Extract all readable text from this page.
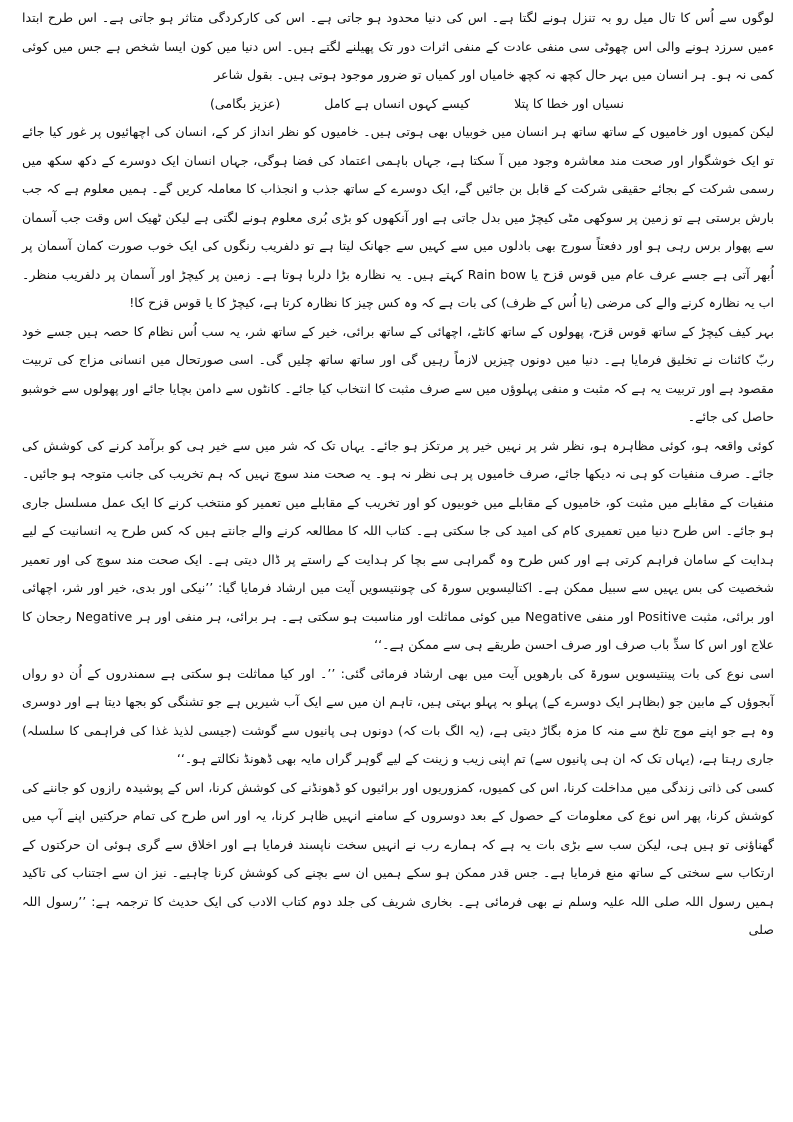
لوگوں سے اُس کا تال میل رو بہ تنزل ہونے لگتا ہے۔ اس کی دنیا محدود ہو جاتی ہے۔ اس کی کارکردگی متاثر ہو جاتی ہے۔ اس طرح ابتدا ءمیں سرزد ہونے والی اس چھوٹی سی منفی عادت کے منفی اثرات دور تک پھیلنے لگتے ہیں۔ اس دنیا میں کون ایسا شخص ہے جس میں کوئی کمی نہ ہو۔ ہر انسان میں بہر حال کچھ نہ کچھ خامیاں اور کمیاں تو ضرور موجود ہوتی ہیں۔ بقول شاعر

نسیاں اور خطا کا پتلا کیسے کہوں انساں ہے کامل (عزیز بگامی)

لیکن کمیوں اور خامیوں کے ساتھ ساتھ ہر انسان میں خوبیاں بھی ہوتی ہیں۔ خامیوں کو نظر انداز کر کے، انسان کی اچھائیوں پر غور کیا جائے تو ایک خوشگوار اور صحت مند معاشرہ وجود میں آ سکتا ہے، جہاں باہمی اعتماد کی فضا ہوگی، جہاں انسان ایک دوسرے کے دکھ سکھ میں رسمی شرکت کے بجائے حقیقی شرکت کے قابل بن جائیں گے، ایک دوسرے کے ساتھ جذب و انجذاب کا معاملہ کریں گے۔ ہمیں معلوم ہے کہ جب بارش برستی ہے تو زمین پر سوکھی مٹی کیچڑ میں بدل جاتی ہے اور آنکھوں کو بڑی بُری معلوم ہونے لگتی ہے لیکن ٹھیک اس وقت جب آسمان سے پھوار برس رہی ہو اور دفعتاً سورج بھی بادلوں میں سے کہیں سے جھانک لیتا ہے تو دلفریب رنگوں کی ایک خوب صورت کمان آسمان پر اُبھر آتی ہے جسے عرف عام میں قوس قزح یا Rain bow کہتے ہیں۔ یہ نظارہ بڑا دلربا ہوتا ہے۔ زمین پر کیچڑ اور آسمان پر دلفریب منظر۔ اب یہ نظارہ کرنے والے کی مرضی (یا اُس کے ظرف) کی بات ہے کہ وہ کس چیز کا نظارہ کرتا ہے، کیچڑ کا یا قوس قزح کا!

بہر کیف کیچڑ کے ساتھ قوس قزح، پھولوں کے ساتھ کانٹے، اچھائی کے ساتھ برائی، خیر کے ساتھ شر، یہ سب اُس نظام کا حصہ ہیں جسے خود ربّ کائنات نے تخلیق فرمایا ہے۔ دنیا میں دونوں چیزیں لازماً رہیں گی اور ساتھ ساتھ چلیں گی۔ اسی صورتحال میں انسانی مزاج کی تربیت مقصود ہے اور تربیت یہ ہے کہ مثبت و منفی پہلوؤں میں سے صرف مثبت کا انتخاب کیا جائے۔ کانٹوں سے دامن بچایا جائے اور پھولوں سے خوشبو حاصل کی جائے۔

کوئی واقعہ ہو، کوئی مظاہرہ ہو، نظر شر پر نہیں خیر پر مرتکز ہو جائے۔ یہاں تک کہ شر میں سے خیر ہی کو برآمد کرنے کی کوشش کی جائے۔ صرف منفیات کو ہی نہ دیکھا جائے، صرف خامیوں پر ہی نظر نہ ہو۔ یہ صحت مند سوچ نہیں کہ ہم تخریب کی جانب متوجہ ہو جائیں۔ منفیات کے مقابلے میں مثبت کو، خامیوں کے مقابلے میں خوبیوں کو اور تخریب کے مقابلے میں تعمیر کو منتخب کرنے کا ایک عمل مسلسل جاری ہو جائے۔ اس طرح دنیا میں تعمیری کام کی امید کی جا سکتی ہے۔ کتاب اللہ کا مطالعہ کرنے والے جانتے ہیں کہ کس طرح یہ انسانیت کے لیے ہدایت کے سامان فراہم کرتی ہے اور کس طرح وہ گمراہی سے بچا کر ہدایت کے راستے پر ڈال دیتی ہے۔ ایک صحت مند سوچ کی اور تعمیر شخصیت کی بس یہیں سے سبیل ممکن ہے۔ اکتالیسویں سورۃ کی چونتیسویں آیت میں ارشاد فرمایا گیا: ’’نیکی اور بدی، خیر اور شر، اچھائی اور برائی، مثبت Positive اور منفی Negative میں کوئی مماثلت اور مناسبت ہو سکتی ہے۔ ہر برائی، ہر منفی اور ہر Negative رجحان کا علاج اور اس کا سدِّ باب صرف اور صرف احسن طریقے ہی سے ممکن ہے۔‘‘

اسی نوع کی بات پینتیسویں سورۃ کی بارھویں آیت میں بھی ارشاد فرمائی گئی: ’’۔ اور کیا مماثلت ہو سکتی ہے سمندروں کے اُن دو رواں آبجوؤں کے مابین جو (بظاہر ایک دوسرے کے) پہلو بہ پہلو بہتی ہیں، تاہم ان میں سے ایک آب شیریں ہے جو تشنگی کو بجھا دیتا ہے اور دوسری وہ ہے جو اپنے موج تلخ سے منہ کا مزہ بگاڑ دیتی ہے، (یہ الگ بات کہ) دونوں ہی پانیوں سے گوشت (جیسی لذیذ غذا کی فراہمی کا سلسلہ) جاری رہتا ہے، (یہاں تک کہ ان ہی پانیوں سے) تم اپنی زیب و زینت کے لیے گوہر گراں مایہ بھی ڈھونڈ نکالتے ہو۔‘‘

کسی کی ذاتی زندگی میں مداخلت کرنا، اس کی کمیوں، کمزوریوں اور برائیوں کو ڈھونڈنے کی کوشش کرنا، اس کے پوشیدہ رازوں کو جاننے کی کوشش کرنا، پھر اس نوع کی معلومات کے حصول کے بعد دوسروں کے سامنے انہیں ظاہر کرنا، یہ اور اس طرح کی تمام حرکتیں اپنے آپ میں گھناؤنی تو ہیں ہی، لیکن سب سے بڑی بات یہ ہے کہ ہمارے رب نے انہیں سخت ناپسند فرمایا ہے اور اخلاق سے گری ہوئی ان حرکتوں کے ارتکاب سے سختی کے ساتھ منع فرمایا ہے۔ جس قدر ممکن ہو سکے ہمیں ان سے بچنے کی کوشش کرنا چاہیے۔ نیز ان سے اجتناب کی تاکید ہمیں رسول اللہ صلی اللہ علیہ وسلم نے بھی فرمائی ہے۔ بخاری شریف کی جلد دوم کتاب الادب کی ایک حدیث کا ترجمہ ہے: ’’رسول اللہ صلی
